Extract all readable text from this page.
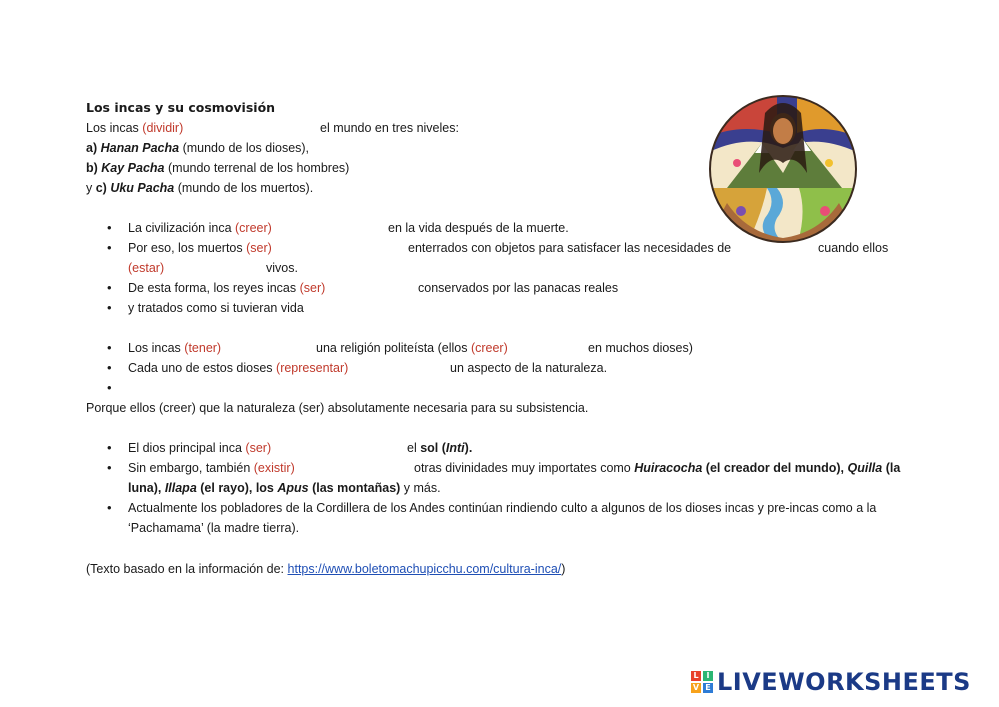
Los incas y su cosmovisión
Los incas (dividir)	el mundo en tres niveles:
a) Hanan Pacha (mundo de los dioses),
b) Kay Pacha (mundo terrenal de los hombres)
y c) Uku Pacha (mundo de los muertos).
• La civilización inca (creer)	en la vida después de la muerte.
• Por eso, los muertos (ser)	enterrados con objetos para satisfacer las necesidades de	cuando ellos
(estar)	vivos.
• De esta forma, los reyes incas (ser)	conservados por las panacas reales
• y tratados como si tuvieran vida
• Los incas (tener)	una religión politeísta (ellos (creer)	en muchos dioses)
• Cada uno de estos dioses (representar)	un aspecto de la naturaleza.
•
Porque ellos (creer) que la naturaleza (ser) absolutamente necesaria para su subsistencia.
• El dios principal inca (ser)	el sol (Inti).
• Sin embargo, también (existir)	otras divinidades muy importates como Huiracocha (el creador del mundo), Quilla (la
luna), Illapa (el rayo), los Apus (las montañas) y más.
• Actualmente los pobladores de la Cordillera de los Andes continúan rindiendo culto a algunos de los dioses incas y pre-incas como a la
‘Pachamama’ (la madre tierra).
(Texto basado en la información de: https://www.boletomachupicchu.com/cultura-inca/)
L I
V E LIVEWORKSHEETS
